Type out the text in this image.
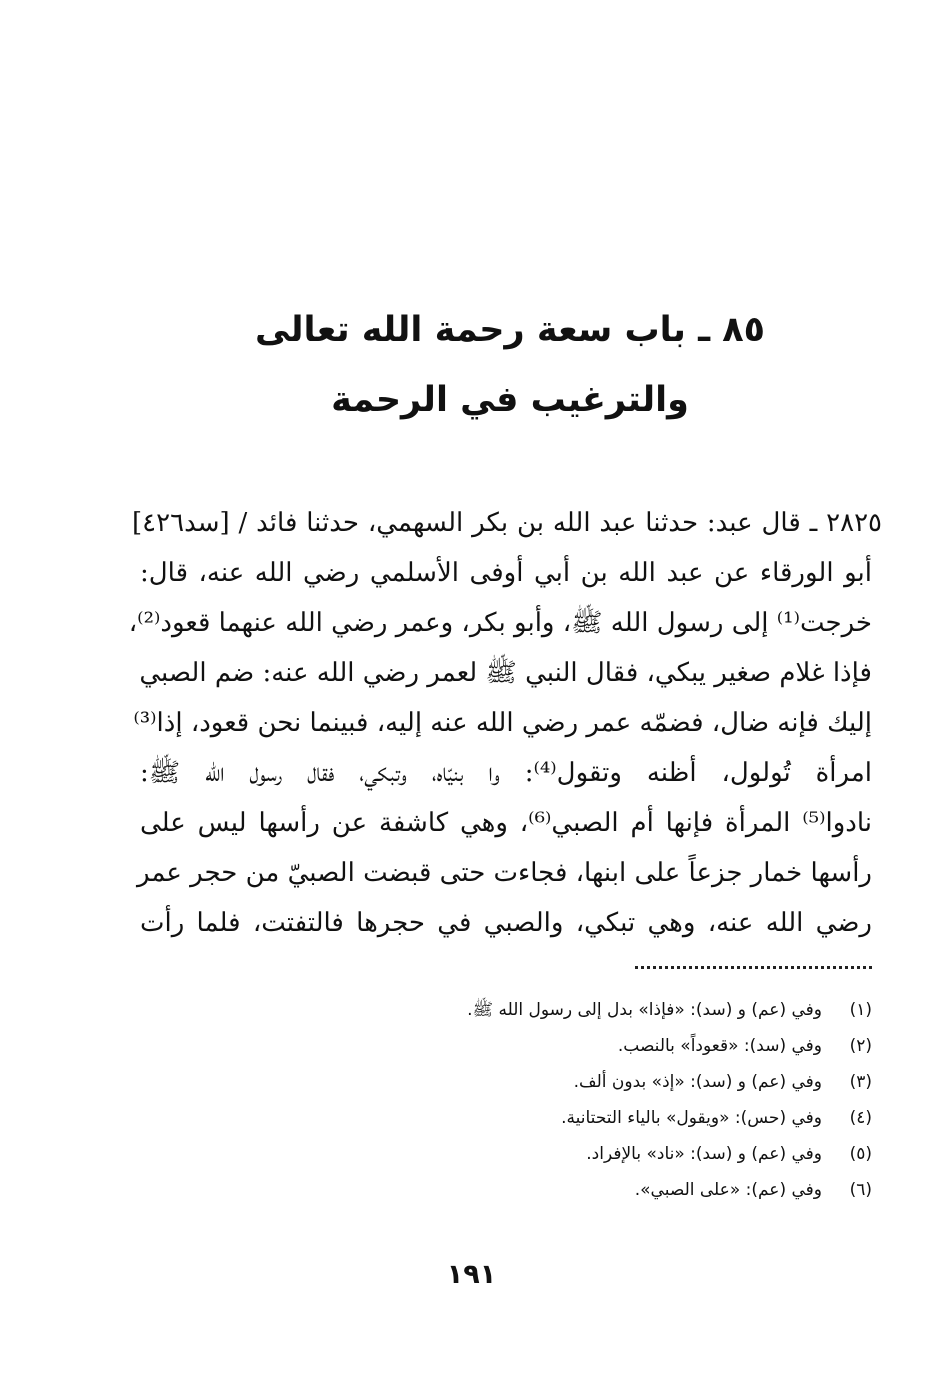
٨٥ ـ باب سعة رحمة الله تعالى
والترغيب في الرحمة
٢٨٢٥ ـ قال عبد: حدثنا عبد الله بن بكر السهمي، حدثنا فائد / [سد٤٢٦]
أبو الورقاء عن عبد الله بن أبي أوفى الأسلمي رضي الله عنه، قال:
خرجت⁽¹⁾ إلى رسول الله ﷺ، وأبو بكر، وعمر رضي الله عنهما قعود⁽²⁾،
فإذا غلام صغير يبكي، فقال النبي ﷺ لعمر رضي الله عنه: ضم الصبي
إليك فإنه ضال، فضمّه عمر رضي الله عنه إليه، فبينما نحن قعود، إذا⁽³⁾
امرأة تُولول، أظنه وتقول⁽⁴⁾: وا بنيّاه، وتبكي، فقال رسول الله ﷺ:
نادوا⁽⁵⁾ المرأة فإنها أم الصبي⁽⁶⁾، وهي كاشفة عن رأسها ليس على
رأسها خمار جزعاً على ابنها، فجاءت حتى قبضت الصبيّ من حجر عمر
رضي الله عنه، وهي تبكي، والصبي في حجرها فالتفتت، فلما رأت
(١)وفي (عم) و (سد): «فإذا» بدل إلى رسول الله ﷺ.
(٢)وفي (سد): «قعوداً» بالنصب.
(٣)وفي (عم) و (سد): «إذ» بدون ألف.
(٤)وفي (حس): «ويقول» بالياء التحتانية.
(٥)وفي (عم) و (سد): «ناد» بالإفراد.
(٦)وفي (عم): «على الصبي».
١٩١
